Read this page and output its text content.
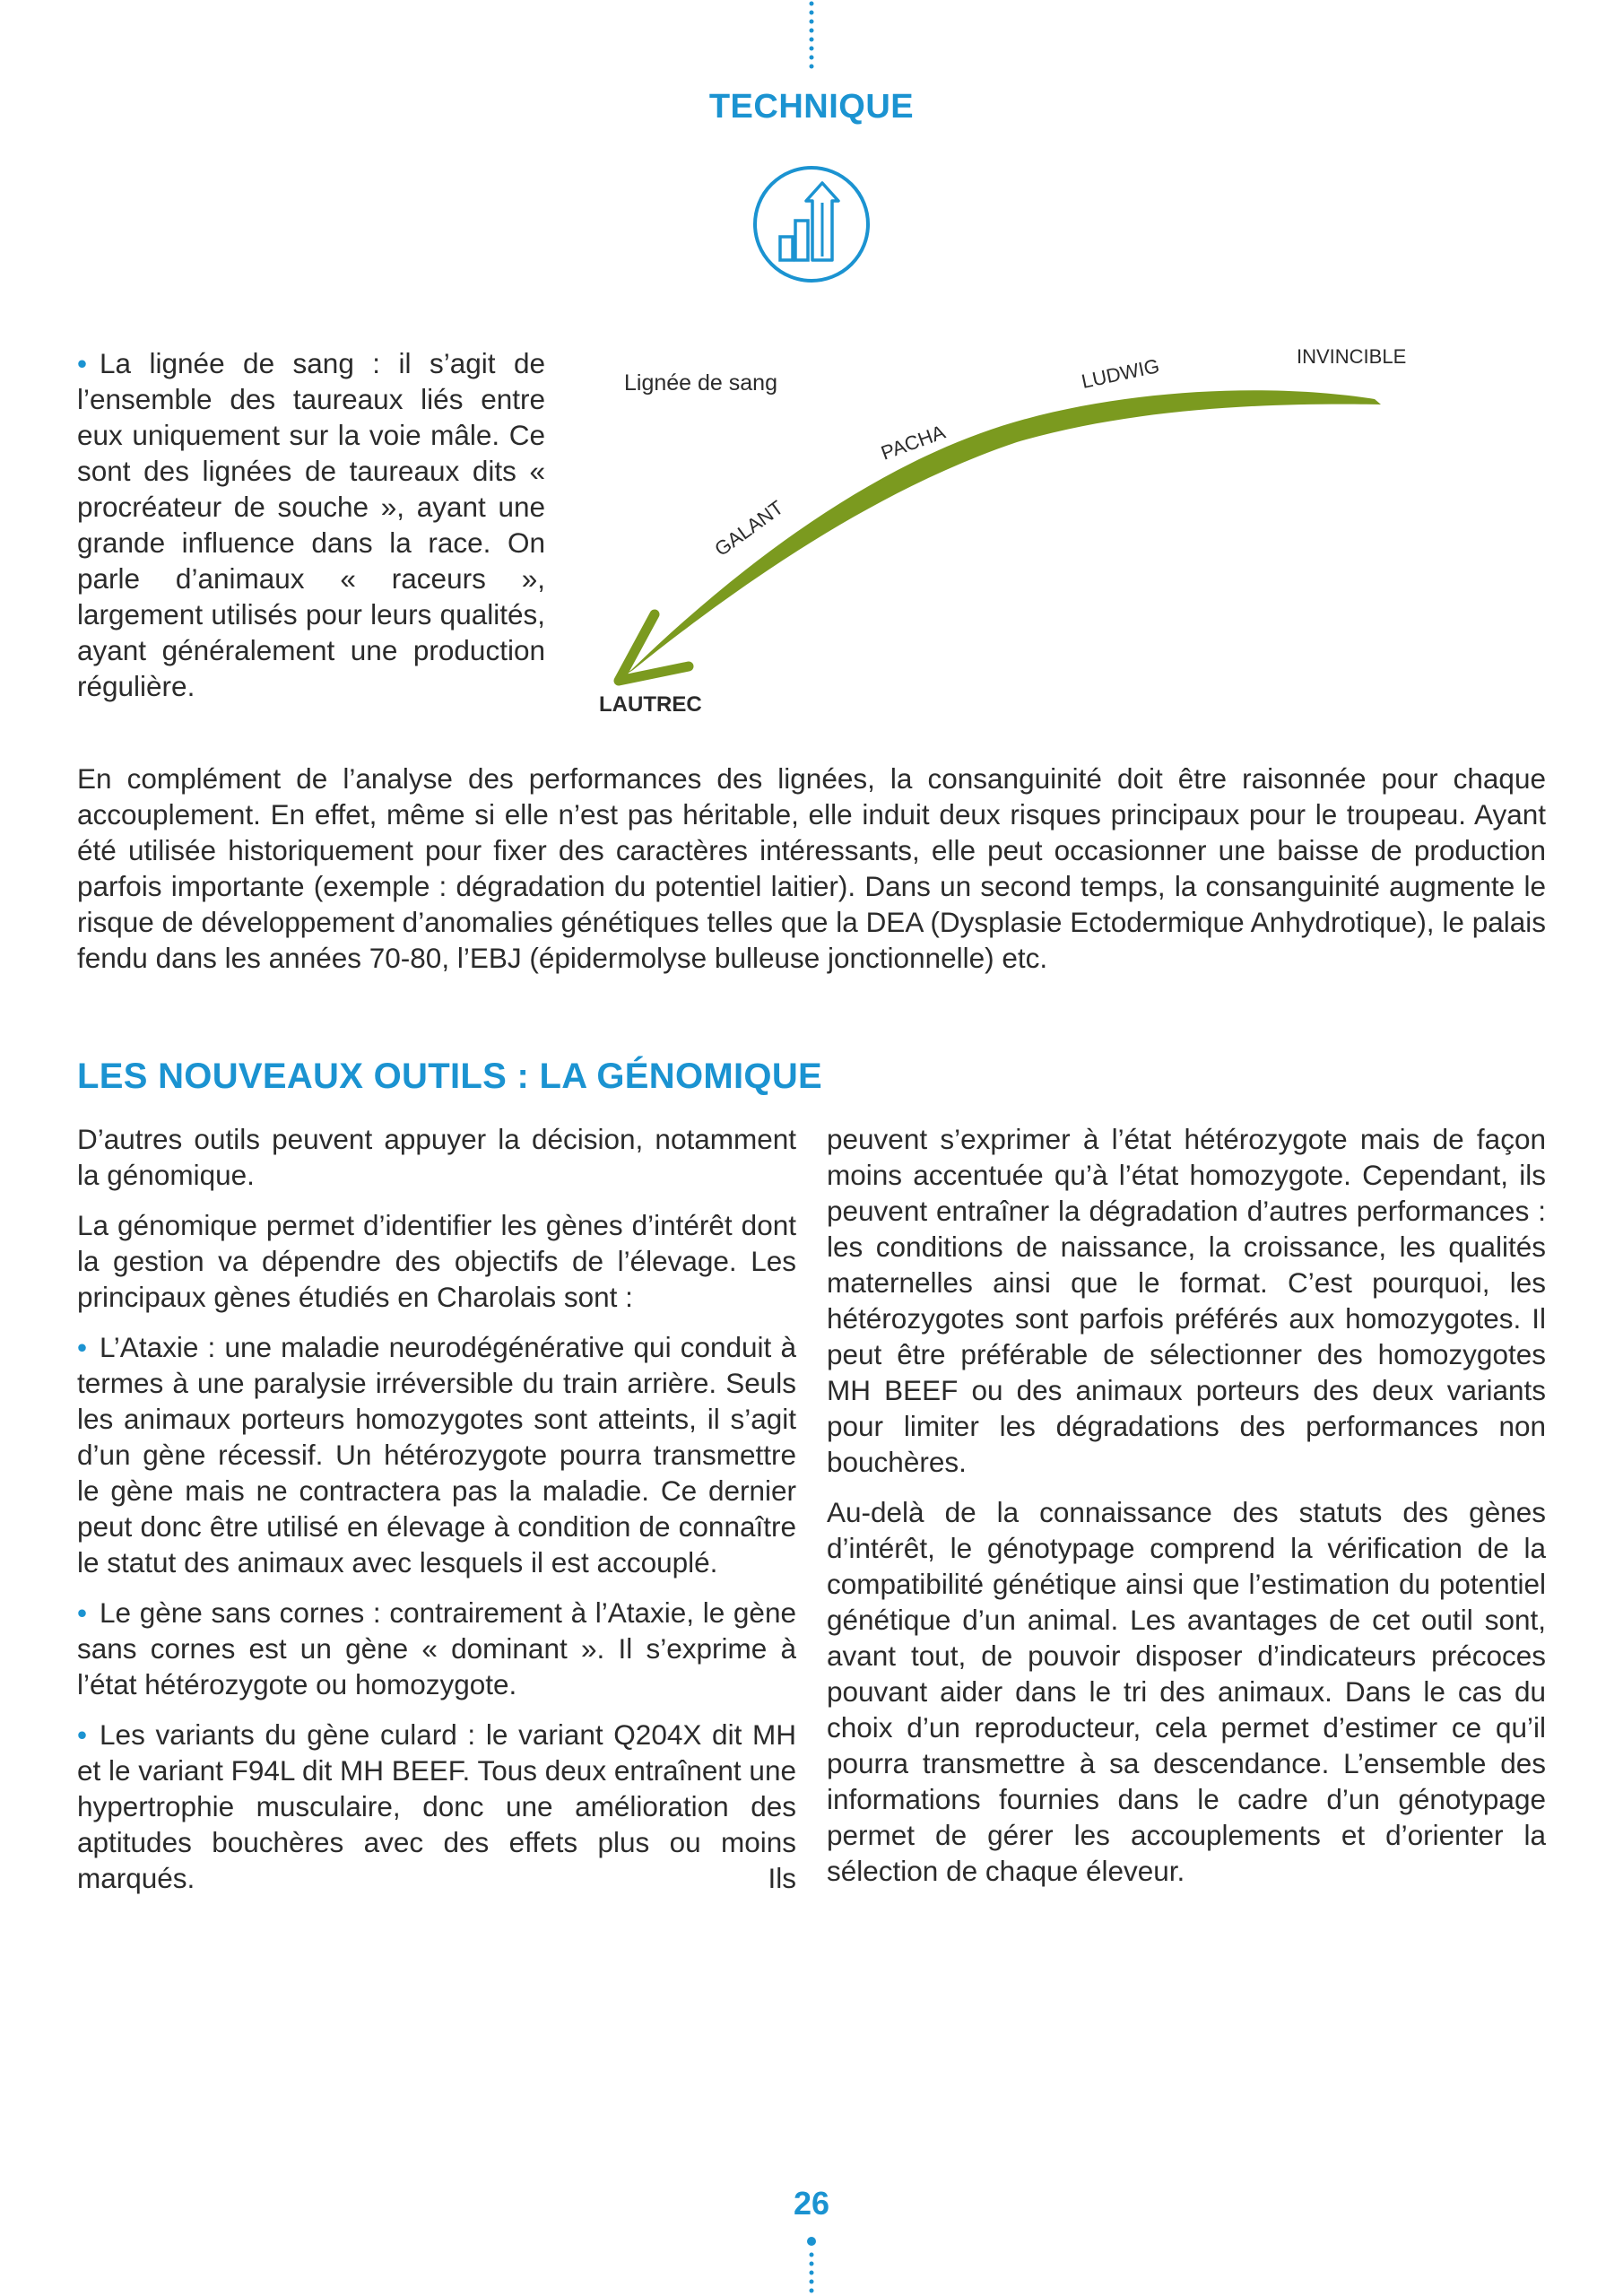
TECHNIQUE

• La lignée de sang : il s’agit de l’ensemble des taureaux liés entre eux uniquement sur la voie mâle. Ce sont des lignées de taureaux dits « procréateur de souche », ayant une grande influence dans la race. On parle d’animaux « raceurs », largement utilisés pour leurs qualités, ayant généralement une production régulière.

Lignée de sang
INVINCIBLE
LUDWIG
PACHA
GALANT
LAUTREC

En complément de l’analyse des performances des lignées, la consanguinité doit être raisonnée pour chaque accouplement. En effet, même si elle n’est pas héritable, elle induit deux risques principaux pour le troupeau. Ayant été utilisée historiquement pour fixer des caractères intéressants, elle peut occasionner une baisse de production parfois importante (exemple : dégradation du potentiel laitier). Dans un second temps, la consanguinité augmente le risque de développement d’anomalies génétiques telles que la DEA (Dysplasie Ectodermique Anhydrotique), le palais fendu dans les années 70-80, l’EBJ (épidermolyse bulleuse jonctionnelle) etc.

LES NOUVEAUX OUTILS : LA GÉNOMIQUE

D’autres outils peuvent appuyer la décision, notamment la génomique.

La génomique permet d’identifier les gènes d’intérêt dont la gestion va dépendre des objectifs de l’élevage. Les principaux gènes étudiés en Charolais sont :

• L’Ataxie : une maladie neurodégénérative qui conduit à termes à une paralysie irréversible du train arrière. Seuls les animaux porteurs homozygotes sont atteints, il s’agit d’un gène récessif. Un hétérozygote pourra transmettre le gène mais ne contractera pas la maladie. Ce dernier peut donc être utilisé en élevage à condition de connaître le statut des animaux avec lesquels il est accouplé.

• Le gène sans cornes : contrairement à l’Ataxie, le gène sans cornes est un gène « dominant ». Il s’exprime à l’état hétérozygote ou homozygote.

• Les variants du gène culard : le variant Q204X dit MH et le variant F94L dit MH BEEF. Tous deux entraînent une hypertrophie musculaire, donc une amélioration des aptitudes bouchères avec des effets plus ou moins marqués. Ils

peuvent s’exprimer à l’état hétérozygote mais de façon moins accentuée qu’à l’état homozygote. Cependant, ils peuvent entraîner la dégradation d’autres performances : les conditions de naissance, la croissance, les qualités maternelles ainsi que le format. C’est pourquoi, les hétérozygotes sont parfois préférés aux homozygotes. Il peut être préférable de sélectionner des homozygotes MH BEEF ou des animaux porteurs des deux variants pour limiter les dégradations des performances non bouchères.

Au-delà de la connaissance des statuts des gènes d’intérêt, le génotypage comprend la vérification de la compatibilité génétique ainsi que l’estimation du potentiel génétique d’un animal. Les avantages de cet outil sont, avant tout, de pouvoir disposer d’indicateurs précoces pouvant aider dans le tri des animaux. Dans le cas du choix d’un reproducteur, cela permet d’estimer ce qu’il pourra transmettre à sa descendance. L’ensemble des informations fournies dans le cadre d’un génotypage permet de gérer les accouplements et d’orienter la sélection de chaque éleveur.

26
